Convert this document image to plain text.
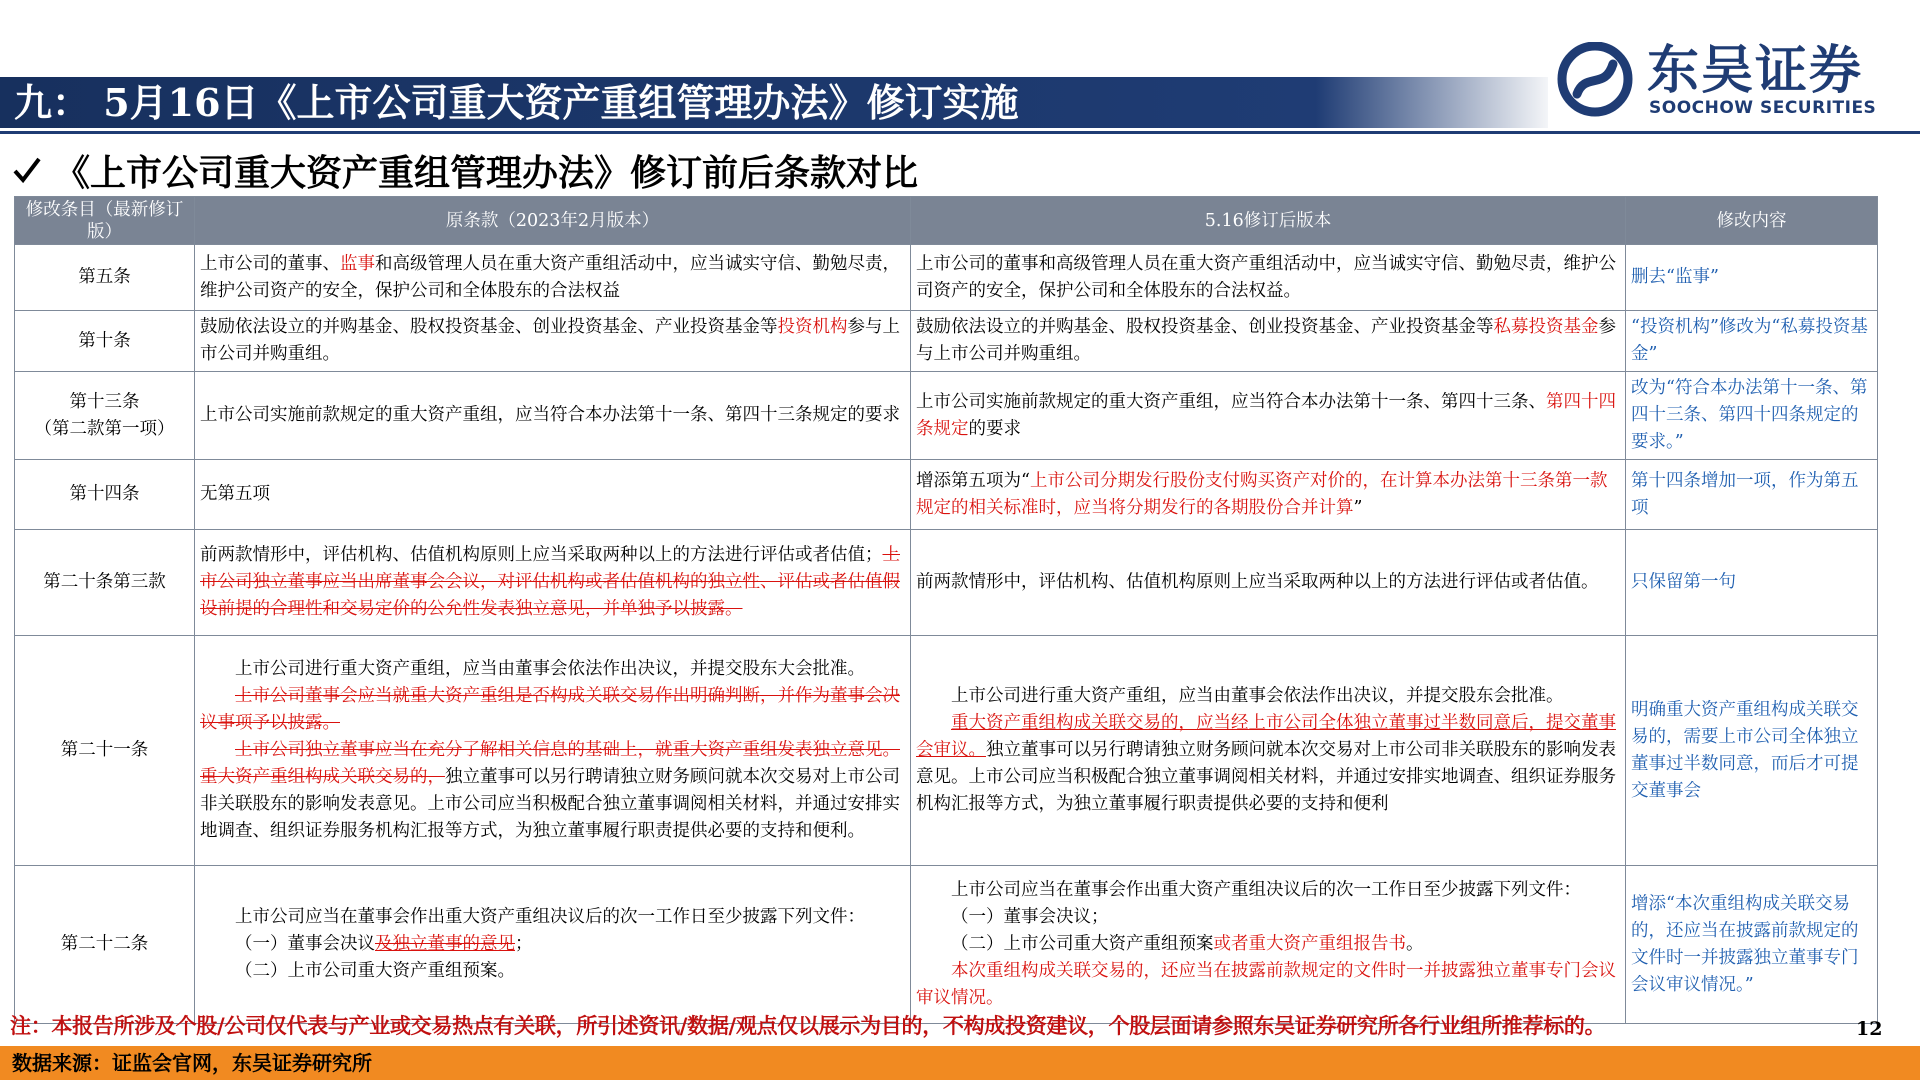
九： 5月16日《上市公司重大资产重组管理办法》修订实施
东吴证券
SOOCHOW SECURITIES
《上市公司重大资产重组管理办法》修订前后条款对比
修改条目（最新修订版）	原条款（2023年2月版本）	5.16修订后版本	修改内容
第五条	上市公司的董事、监事和高级管理人员在重大资产重组活动中，应当诚实守信、勤勉尽责，维护公司资产的安全，保护公司和全体股东的合法权益	上市公司的董事和高级管理人员在重大资产重组活动中，应当诚实守信、勤勉尽责，维护公司资产的安全，保护公司和全体股东的合法权益。	删去“监事”
第十条	鼓励依法设立的并购基金、股权投资基金、创业投资基金、产业投资基金等投资机构参与上市公司并购重组。	鼓励依法设立的并购基金、股权投资基金、创业投资基金、产业投资基金等私募投资基金参与上市公司并购重组。	“投资机构”修改为“私募投资基金”

第十三条
（第二款第一项）	上市公司实施前款规定的重大资产重组，应当符合本办法第十一条、第四十三条规定的要求	上市公司实施前款规定的重大资产重组，应当符合本办法第十一条、第四十三条、第四十四条规定的要求	改为“符合本办法第十一条、第四十三条、第四十四条规定的要求。”
第十四条	无第五项	增添第五项为“上市公司分期发行股份支付购买资产对价的，在计算本办法第十三条第一款规定的相关标准时，应当将分期发行的各期股份合并计算”	第十四条增加一项，作为第五项
第二十条第三款	前两款情形中，评估机构、估值机构原则上应当采取两种以上的方法进行评估或者估值；上市公司独立董事应当出席董事会会议，对评估机构或者估值机构的独立性、评估或者估值假设前提的合理性和交易定价的公允性发表独立意见，并单独予以披露。	前两款情形中，评估机构、估值机构原则上应当采取两种以上的方法进行评估或者估值。	只保留第一句
第二十一条	上市公司进行重大资产重组，应当由董事会依法作出决议，并提交股东大会批准。
上市公司董事会应当就重大资产重组是否构成关联交易作出明确判断，并作为董事会决议事项予以披露。
上市公司独立董事应当在充分了解相关信息的基础上，就重大资产重组发表独立意见。重大资产重组构成关联交易的，独立董事可以另行聘请独立财务顾问就本次交易对上市公司非关联股东的影响发表意见。上市公司应当积极配合独立董事调阅相关材料，并通过安排实地调查、组织证券服务机构汇报等方式，为独立董事履行职责提供必要的支持和便利。	上市公司进行重大资产重组，应当由董事会依法作出决议，并提交股东会批准。
重大资产重组构成关联交易的，应当经上市公司全体独立董事过半数同意后，提交董事会审议。独立董事可以另行聘请独立财务顾问就本次交易对上市公司非关联股东的影响发表意见。上市公司应当积极配合独立董事调阅相关材料，并通过安排实地调查、组织证券服务机构汇报等方式，为独立董事履行职责提供必要的支持和便利	明确重大资产重组构成关联交易的，需要上市公司全体独立董事过半数同意，而后才可提交董事会
第二十二条	上市公司应当在董事会作出重大资产重组决议后的次一工作日至少披露下列文件：
（一）董事会决议及独立董事的意见；
（二）上市公司重大资产重组预案。	上市公司应当在董事会作出重大资产重组决议后的次一工作日至少披露下列文件：
（一）董事会决议；
（二）上市公司重大资产重组预案或者重大资产重组报告书。
本次重组构成关联交易的，还应当在披露前款规定的文件时一并披露独立董事专门会议审议情况。	增添“本次重组构成关联交易的，还应当在披露前款规定的文件时一并披露独立董事专门会议审议情况。”
注：本报告所涉及个股/公司仅代表与产业或交易热点有关联，所引述资讯/数据/观点仅以展示为目的，不构成投资建议，个股层面请参照东吴证券研究所各行业组所推荐标的。	12
数据来源：证监会官网，东吴证券研究所
